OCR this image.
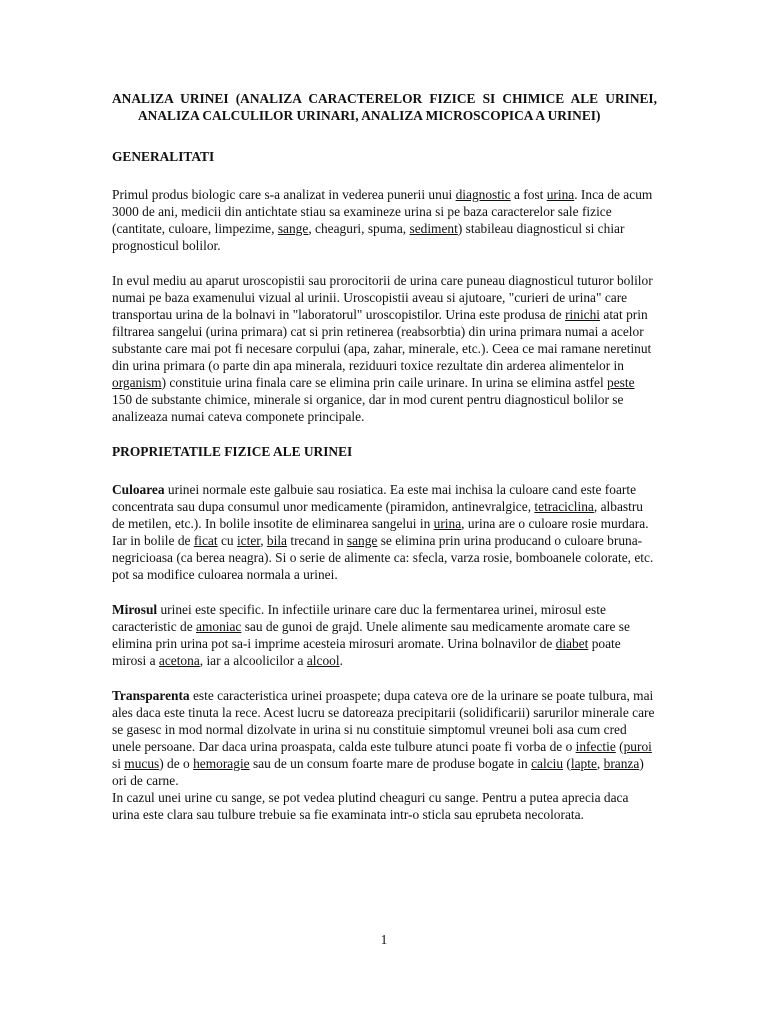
ANALIZA URINEI (ANALIZA CARACTERELOR FIZICE SI CHIMICE ALE URINEI, ANALIZA CALCULILOR URINARI, ANALIZA MICROSCOPICA A URINEI)
GENERALITATI

Primul produs biologic care s-a analizat in vederea punerii unui diagnostic a fost urina. Inca de acum 3000 de ani, medicii din antichtate stiau sa examineze urina si pe baza caracterelor sale fizice (cantitate, culoare, limpezime, sange, cheaguri, spuma, sediment) stabileau diagnosticul si chiar prognosticul bolilor.

In evul mediu au aparut uroscopistii sau prorocitorii de urina care puneau diagnosticul tuturor bolilor numai pe baza examenului vizual al urinii. Uroscopistii aveau si ajutoare, "curieri de urina" care transportau urina de la bolnavi in "laboratorul" uroscopistilor. Urina este produsa de rinichi atat prin filtrarea sangelui (urina primara) cat si prin retinerea (reabsorbtia) din urina primara numai a acelor substante care mai pot fi necesare corpului (apa, zahar, minerale, etc.). Ceea ce mai ramane neretinut din urina primara (o parte din apa minerala, reziduuri toxice rezultate din arderea alimentelor in organism) constituie urina finala care se elimina prin caile urinare. In urina se elimina astfel peste 150 de substante chimice, minerale si organice, dar in mod curent pentru diagnosticul bolilor se analizeaza numai cateva componete principale.

PROPRIETATILE FIZICE ALE URINEI

Culoarea urinei normale este galbuie sau rosiatica. Ea este mai inchisa la culoare cand este foarte concentrata sau dupa consumul unor medicamente (piramidon, antinevralgice, tetraciclina, albastru de metilen, etc.). In bolile insotite de eliminarea sangelui in urina, urina are o culoare rosie murdara. Iar in bolile de ficat cu icter, bila trecand in sange se elimina prin urina producand o culoare bruna-negricioasa (ca berea neagra). Si o serie de alimente ca: sfecla, varza rosie, bomboanele colorate, etc. pot sa modifice culoarea normala a urinei.

Mirosul urinei este specific. In infectiile urinare care duc la fermentarea urinei, mirosul este caracteristic de amoniac sau de gunoi de grajd. Unele alimente sau medicamente aromate care se elimina prin urina pot sa-i imprime acesteia mirosuri aromate. Urina bolnavilor de diabet poate mirosi a acetona, iar a alcoolicilor a alcool.

Transparenta este caracteristica urinei proaspete; dupa cateva ore de la urinare se poate tulbura, mai ales daca este tinuta la rece. Acest lucru se datoreaza precipitarii (solidificarii) sarurilor minerale care se gasesc in mod normal dizolvate in urina si nu constituie simptomul vreunei boli asa cum cred unele persoane. Dar daca urina proaspata, calda este tulbure atunci poate fi vorba de o infectie (puroi si mucus) de o hemoragie sau de un consum foarte mare de produse bogate in calciu (lapte, branza) ori de carne.
In cazul unei urine cu sange, se pot vedea plutind cheaguri cu sange. Pentru a putea aprecia daca urina este clara sau tulbure trebuie sa fie examinata intr-o sticla sau eprubeta necolorata.

1
